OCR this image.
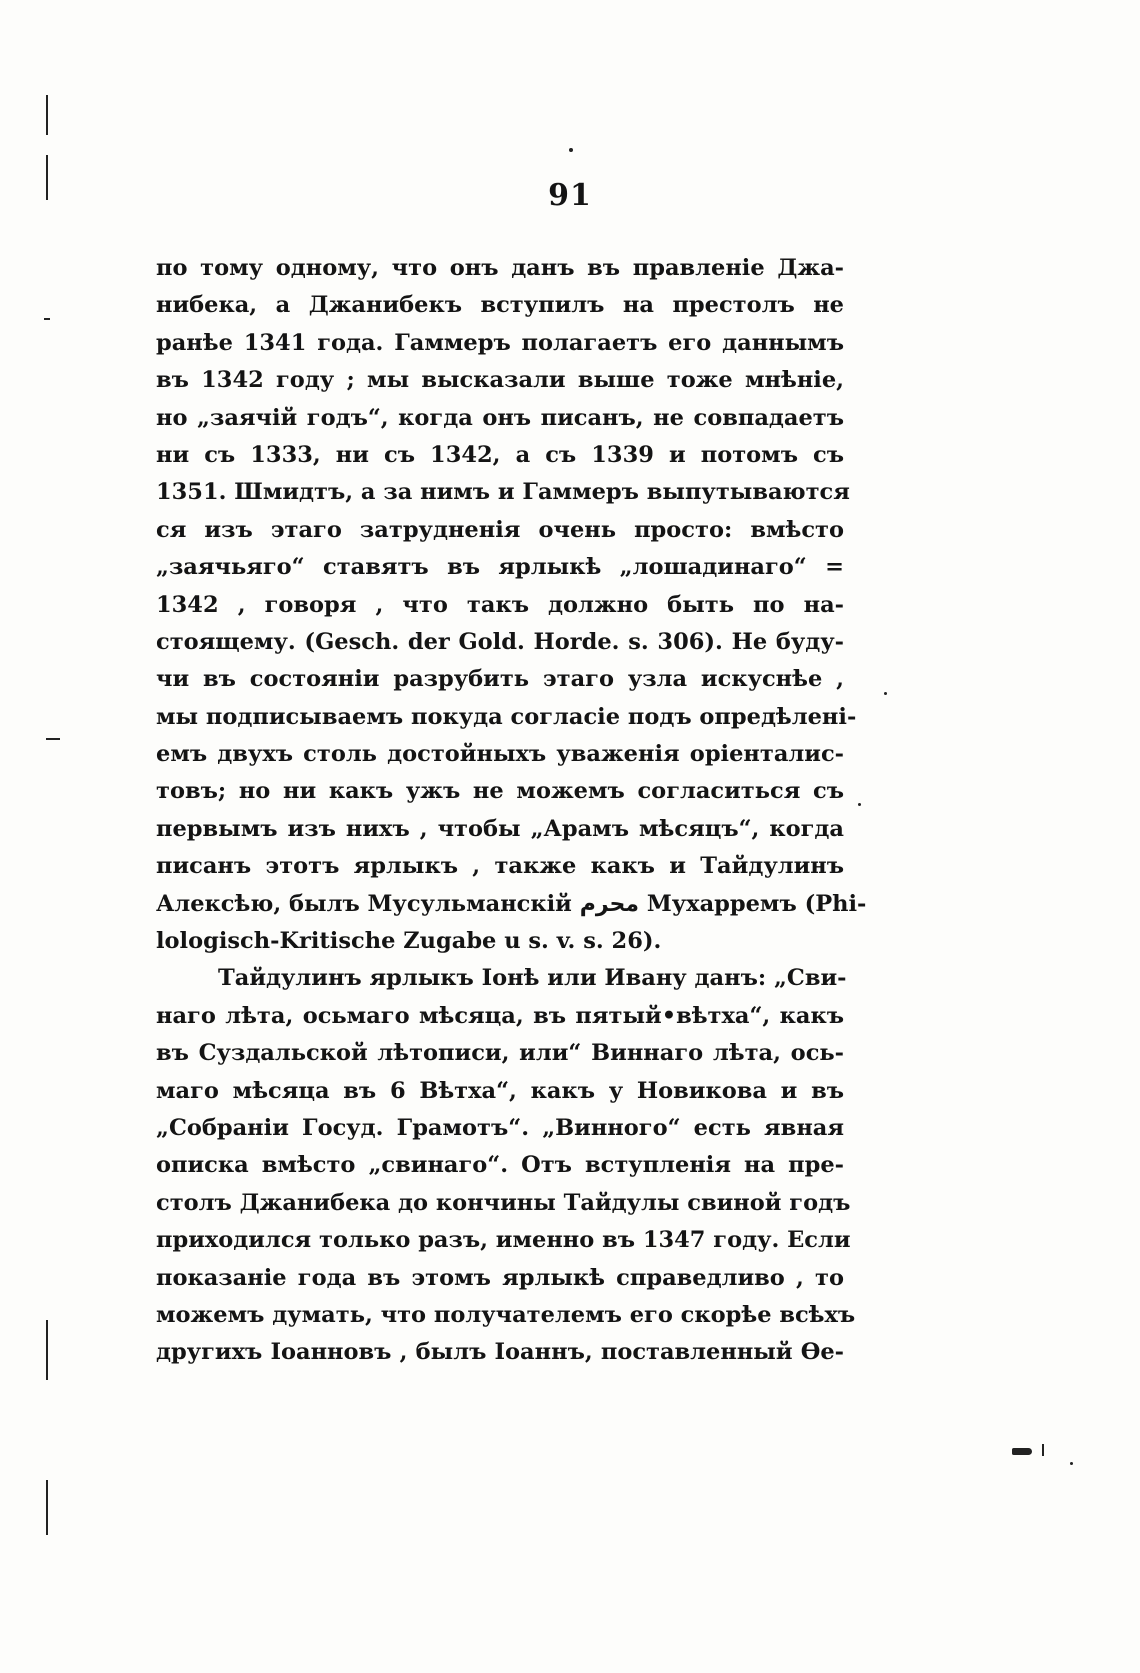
91
по тому одному, что онъ данъ въ правленіе Джа-
нибека, а Джанибекъ вступилъ на престолъ не
ранѣе 1341 года. Гаммеръ полагаетъ его даннымъ
въ 1342 году ; мы высказали выше тоже мнѣніе,
но „заячій годъ“, когда онъ писанъ, не совпадаетъ
ни съ 1333, ни съ 1342, а съ 1339 и потомъ съ
1351. Шмидтъ, а за нимъ и Гаммеръ выпутываются
ся изъ этаго затрудненія очень просто: вмѣсто
„заячьяго“ ставятъ въ ярлыкѣ „лошадинаго“ =
1342 , говоря , что такъ должно быть по на-
стоящему. (Gesch. der Gold. Horde. s. 306). Не буду-
чи въ состояніи разрубить этаго узла искуснѣе ,
мы подписываемъ покуда согласіе подъ опредѣлені-
емъ двухъ столь достойныхъ уваженія оріенталиc-
товъ; но ни какъ ужъ не можемъ согласиться съ
первымъ изъ нихъ , чтобы „Арамъ мѣсяцъ“, когда
писанъ этотъ ярлыкъ , также какъ и Тайдулинъ
Алексѣю, былъ Мусульманскій محرم Мухарремъ (Phi-
lologisch-Kritische Zugabe u s. v. s. 26).
Тайдулинъ ярлыкъ Іонѣ или Ивану данъ: „Сви-
наго лѣта, осьмаго мѣсяца, въ пятый•вѣтха“, какъ
въ Суздальской лѣтописи, или“ Виннаго лѣта, ось-
маго мѣсяца въ 6 Вѣтха“, какъ у Новикова и въ
„Собраніи Госуд. Грамотъ“. „Винного“ есть явная
описка вмѣсто „свинаго“. Отъ вступленія на пре-
столъ Джанибека до кончины Тайдулы свиной годъ
приходился только разъ, именно въ 1347 году. Если
показаніе года въ этомъ ярлыкѣ справедливо , то
можемъ думать, что получателемъ его скорѣе всѣхъ
другихъ Іоанновъ , былъ Іоаннъ, поставленный Ѳе-
